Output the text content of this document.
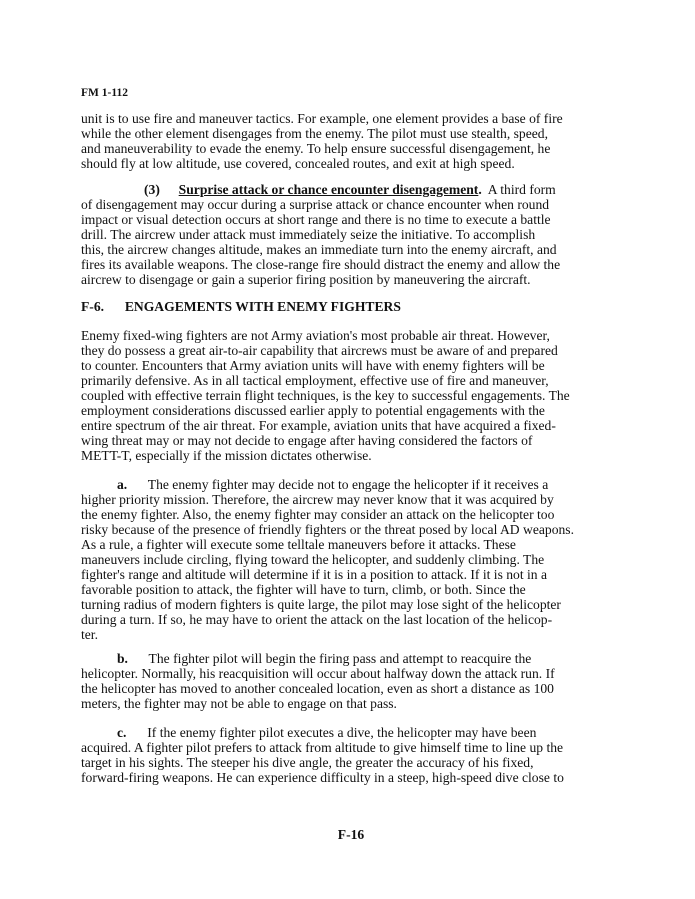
FM 1-112
unit is to use fire and maneuver tactics. For example, one element provides a base of fire
while the other element disengages from the enemy. The pilot must use stealth, speed,
and maneuverability to evade the enemy. To help ensure successful disengagement, he
should fly at low altitude, use covered, concealed routes, and exit at high speed.
(3) Surprise attack or chance encounter disengagement.  A third form
of disengagement may occur during a surprise attack or chance encounter when round
impact or visual detection occurs at short range and there is no time to execute a battle
drill. The aircrew under attack must immediately seize the initiative. To accomplish
this, the aircrew changes altitude, makes an immediate turn into the enemy aircraft, and
fires its available weapons. The close-range fire should distract the enemy and allow the
aircrew to disengage or gain a superior firing position by maneuvering the aircraft.
F-6. ENGAGEMENTS WITH ENEMY FIGHTERS
Enemy fixed-wing fighters are not Army aviation's most probable air threat. However,
they do possess a great air-to-air capability that aircrews must be aware of and prepared
to counter. Encounters that Army aviation units will have with enemy fighters will be
primarily defensive. As in all tactical employment, effective use of fire and maneuver,
coupled with effective terrain flight techniques, is the key to successful engagements. The
employment considerations discussed earlier apply to potential engagements with the
entire spectrum of the air threat. For example, aviation units that have acquired a fixed-
wing threat may or may not decide to engage after having considered the factors of
METT-T, especially if the mission dictates otherwise.
a. The enemy fighter may decide not to engage the helicopter if it receives a
higher priority mission. Therefore, the aircrew may never know that it was acquired by
the enemy fighter. Also, the enemy fighter may consider an attack on the helicopter too
risky because of the presence of friendly fighters or the threat posed by local AD weapons.
As a rule, a fighter will execute some telltale maneuvers before it attacks. These
maneuvers include circling, flying toward the helicopter, and suddenly climbing. The
fighter's range and altitude will determine if it is in a position to attack. If it is not in a
favorable position to attack, the fighter will have to turn, climb, or both. Since the
turning radius of modern fighters is quite large, the pilot may lose sight of the helicopter
during a turn. If so, he may have to orient the attack on the last location of the helicop-
ter.
b. The fighter pilot will begin the firing pass and attempt to reacquire the
helicopter. Normally, his reacquisition will occur about halfway down the attack run. If
the helicopter has moved to another concealed location, even as short a distance as 100
meters, the fighter may not be able to engage on that pass.
c. If the enemy fighter pilot executes a dive, the helicopter may have been
acquired. A fighter pilot prefers to attack from altitude to give himself time to line up the
target in his sights. The steeper his dive angle, the greater the accuracy of his fixed,
forward-firing weapons. He can experience difficulty in a steep, high-speed dive close to
F-16
